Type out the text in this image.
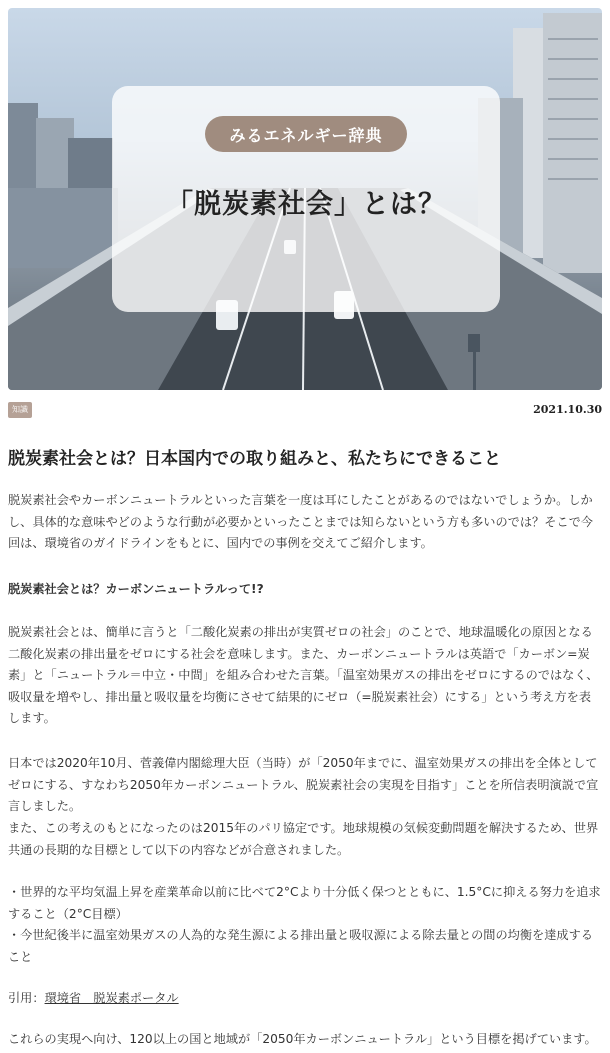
みるエネルギー辞典
「脱炭素社会」とは？
知識	2021.10.30
脱炭素社会とは？日本国内での取り組みと、私たちにできること

脱炭素社会やカーボンニュートラルといった言葉を一度は耳にしたことがあるのではないでしょうか。しかし、具体的な意味やどのような行動が必要かといったことまでは知らないという方も多いのでは？そこで今回は、環境省のガイドラインをもとに、国内での事例を交えてご紹介します。

脱炭素社会とは？カーボンニュートラルって!?

脱炭素社会とは、簡単に言うと「二酸化炭素の排出が実質ゼロの社会」のことで、地球温暖化の原因となる二酸化炭素の排出量をゼロにする社会を意味します。また、カーボンニュートラルは英語で「カーボン=炭素」と「ニュートラル＝中立・中間」を組み合わせた言葉。「温室効果ガスの排出をゼロにするのではなく、吸収量を増やし、排出量と吸収量を均衡にさせて結果的にゼロ（=脱炭素社会）にする」という考え方を表します。

日本では2020年10月、菅義偉内閣総理大臣（当時）が「2050年までに、温室効果ガスの排出を全体としてゼロにする、すなわち2050年カーボンニュートラル、脱炭素社会の実現を目指す」ことを所信表明演説で宣言しました。

また、この考えのもとになったのは2015年のパリ協定です。地球規模の気候変動問題を解決するため、世界共通の長期的な目標として以下の内容などが合意されました。

・世界的な平均気温上昇を産業革命以前に比べて2°Cより十分低く保つとともに、1.5°Cに抑える努力を追求すること（2°C目標）

・今世紀後半に温室効果ガスの人為的な発生源による排出量と吸収源による除去量との間の均衡を達成すること

引用：環境省　脱炭素ポータル

これらの実現へ向け、120以上の国と地域が「2050年カーボンニュートラル」という目標を掲げています。
